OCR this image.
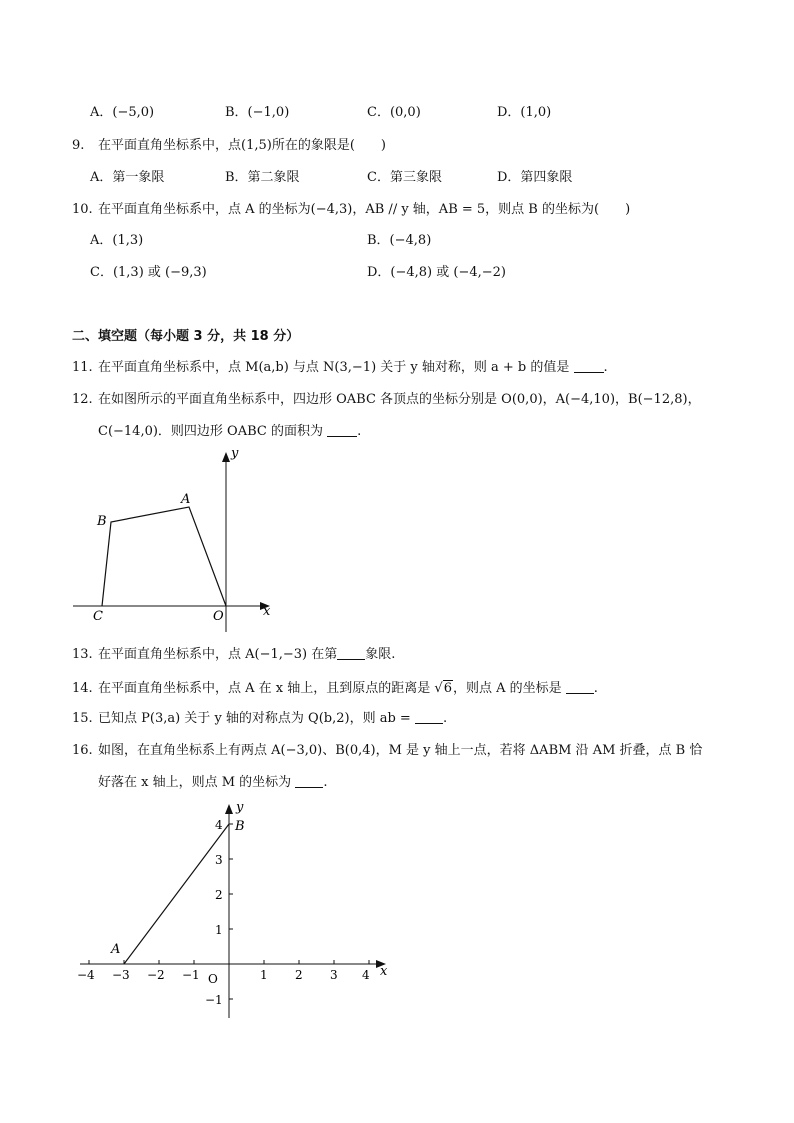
A．(−5,0)	B．(−1,0)	C．(0,0)	D．(1,0)
9. 在平面直角坐标系中，点(1,5)所在的象限是(　　)
A．第一象限	B．第二象限	C．第三象限	D．第四象限
10. 在平面直角坐标系中，点 A 的坐标为(−4,3)，AB // y 轴，AB = 5，则点 B 的坐标为(　　)
A．(1,3)	B．(−4,8)
C．(1,3) 或 (−9,3)	D．(−4,8) 或 (−4,−2)
二、填空题（每小题 3 分，共 18 分）
11. 在平面直角坐标系中，点 M(a,b) 与点 N(3,−1) 关于 y 轴对称，则 a + b 的值是	.
12. 在如图所示的平面直角坐标系中，四边形 OABC 各顶点的坐标分别是 O(0,0)，A(−4,10)，B(−12,8)，
C(−14,0)．则四边形 OABC 的面积为	.
y
x
A
B
C	O
13. 在平面直角坐标系中，点 A(−1,−3) 在第 象限.
14. 在平面直角坐标系中，点 A 在 x 轴上，且到原点的距离是 √6，则点 A 的坐标是 .
15. 已知点 P(3,a) 关于 y 轴的对称点为 Q(b,2)，则 ab = .
16. 如图，在直角坐标系上有两点 A(−3,0)、B(0,4)，M 是 y 轴上一点，若将 ΔABM 沿 AM 折叠，点 B 恰
好落在 x 轴上，则点 M 的坐标为 .
−4 −3 −2 −1	1 2 3 4
4
3
2
1
−1
y
x
A
B
O
